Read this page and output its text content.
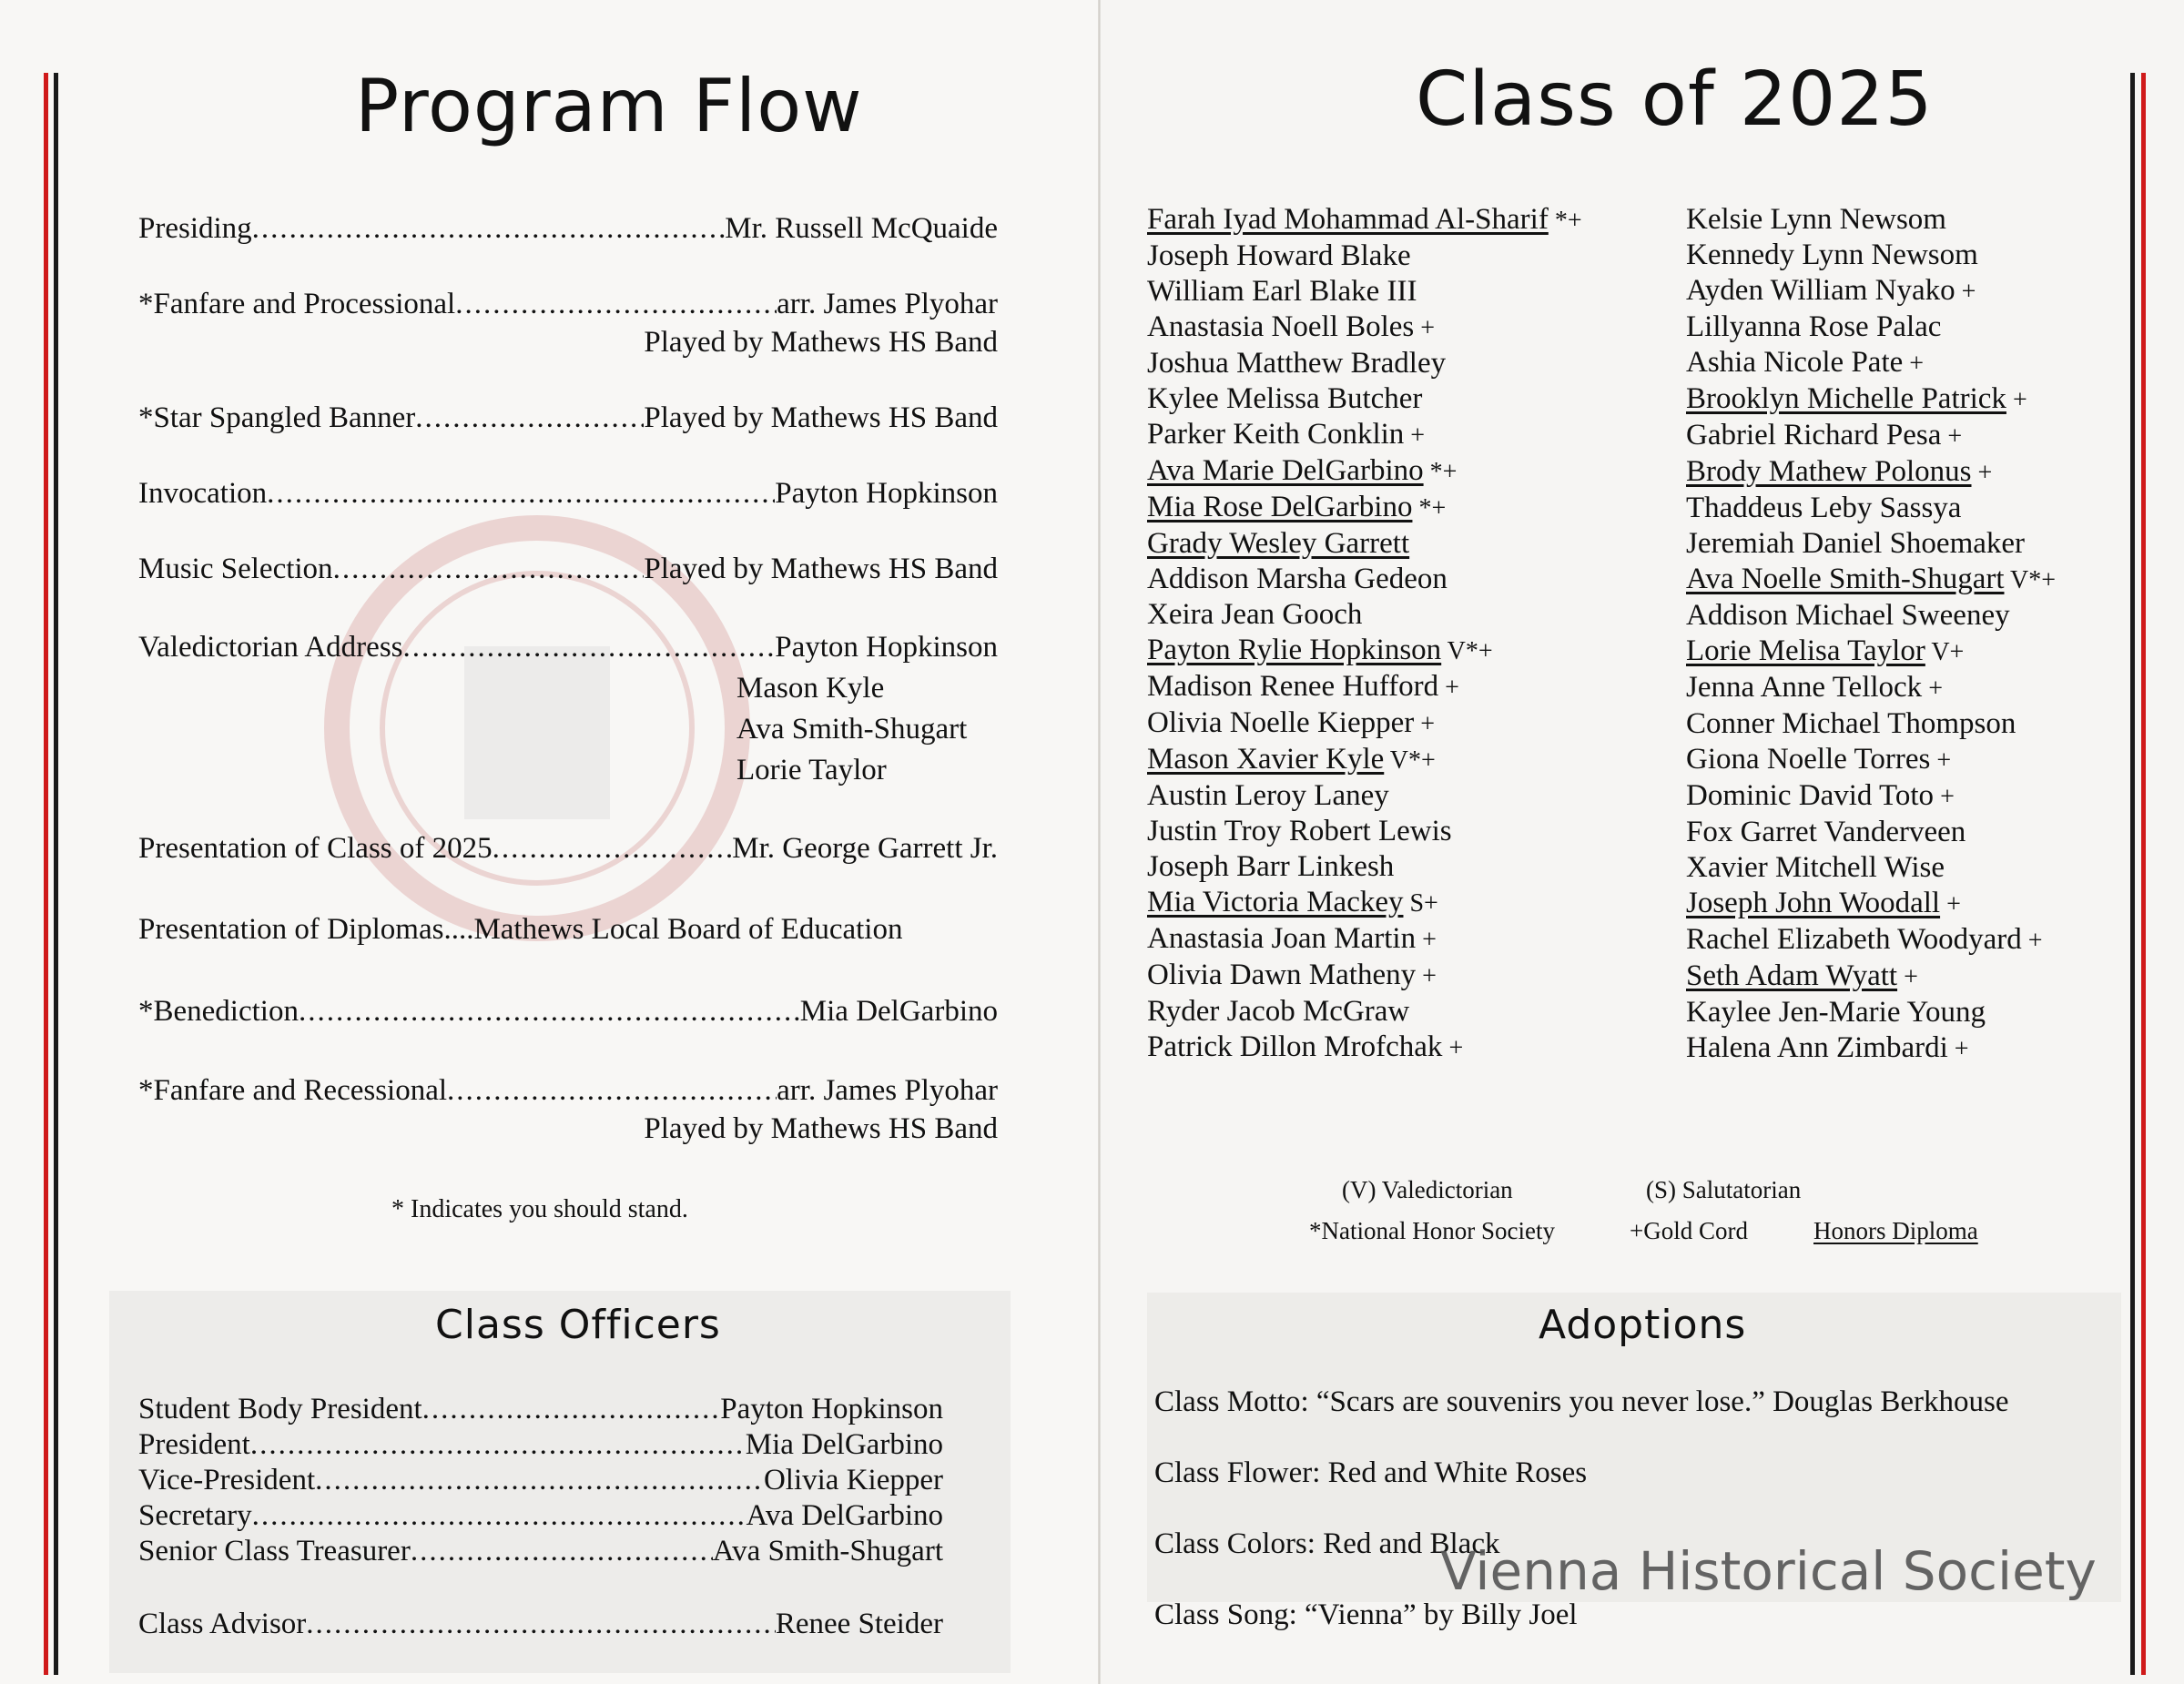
Program Flow
Presiding .....	Mr. Russell McQuaide
*Fanfare and Processional .....	arr. James Plyohar
Played by Mathews HS Band
*Star Spangled Banner .....	Played by Mathews HS Band
Invocation .....	Payton Hopkinson
Music Selection .....	Played by Mathews HS Band
Valedictorian Address .....	Payton Hopkinson
Mason Kyle
Ava Smith-Shugart
Lorie Taylor
Presentation of Class of 2025 .....	Mr. George Garrett Jr.
Presentation of Diplomas....Mathews Local Board of Education
*Benediction .....	Mia DelGarbino
*Fanfare and Recessional .....	arr. James Plyohar
Played by Mathews HS Band
* Indicates you should stand.
Class Officers
Student Body President .....	Payton Hopkinson
President .....	Mia DelGarbino
Vice-President .....	Olivia Kiepper
Secretary .....	Ava DelGarbino
Senior Class Treasurer .....	Ava Smith-Shugart
Class Advisor .....	Renee Steider
Class of 2025
Farah Iyad Mohammad Al-Sharif *+
Joseph Howard Blake
William Earl Blake III
Anastasia Noell Boles +
Joshua Matthew Bradley
Kylee Melissa Butcher
Parker Keith Conklin +
Ava Marie DelGarbino *+
Mia Rose DelGarbino *+
Grady Wesley Garrett
Addison Marsha Gedeon
Xeira Jean Gooch
Payton Rylie Hopkinson V*+
Madison Renee Hufford +
Olivia Noelle Kiepper +
Mason Xavier Kyle V*+
Austin Leroy Laney
Justin Troy Robert Lewis
Joseph Barr Linkesh
Mia Victoria Mackey S+
Anastasia Joan Martin +
Olivia Dawn Matheny +
Ryder Jacob McGraw
Patrick Dillon Mrofchak +
Kelsie Lynn Newsom
Kennedy Lynn Newsom
Ayden William Nyako +
Lillyanna Rose Palac
Ashia Nicole Pate +
Brooklyn Michelle Patrick +
Gabriel Richard Pesa +
Brody Mathew Polonus +
Thaddeus Leby Sassya
Jeremiah Daniel Shoemaker
Ava Noelle Smith-Shugart V*+
Addison Michael Sweeney
Lorie Melisa Taylor V+
Jenna Anne Tellock +
Conner Michael Thompson
Giona Noelle Torres +
Dominic David Toto +
Fox Garret Vanderveen
Xavier Mitchell Wise
Joseph John Woodall +
Rachel Elizabeth Woodyard +
Seth Adam Wyatt +
Kaylee Jen-Marie Young
Halena Ann Zimbardi +
(V) Valedictorian	(S) Salutatorian
*National Honor Society	+Gold Cord	Honors Diploma
Adoptions
Class Motto: “Scars are souvenirs you never lose.” Douglas Berkhouse
Class Flower: Red and White Roses
Class Colors: Red and Black
Class Song: “Vienna” by Billy Joel
Vienna Historical Society
